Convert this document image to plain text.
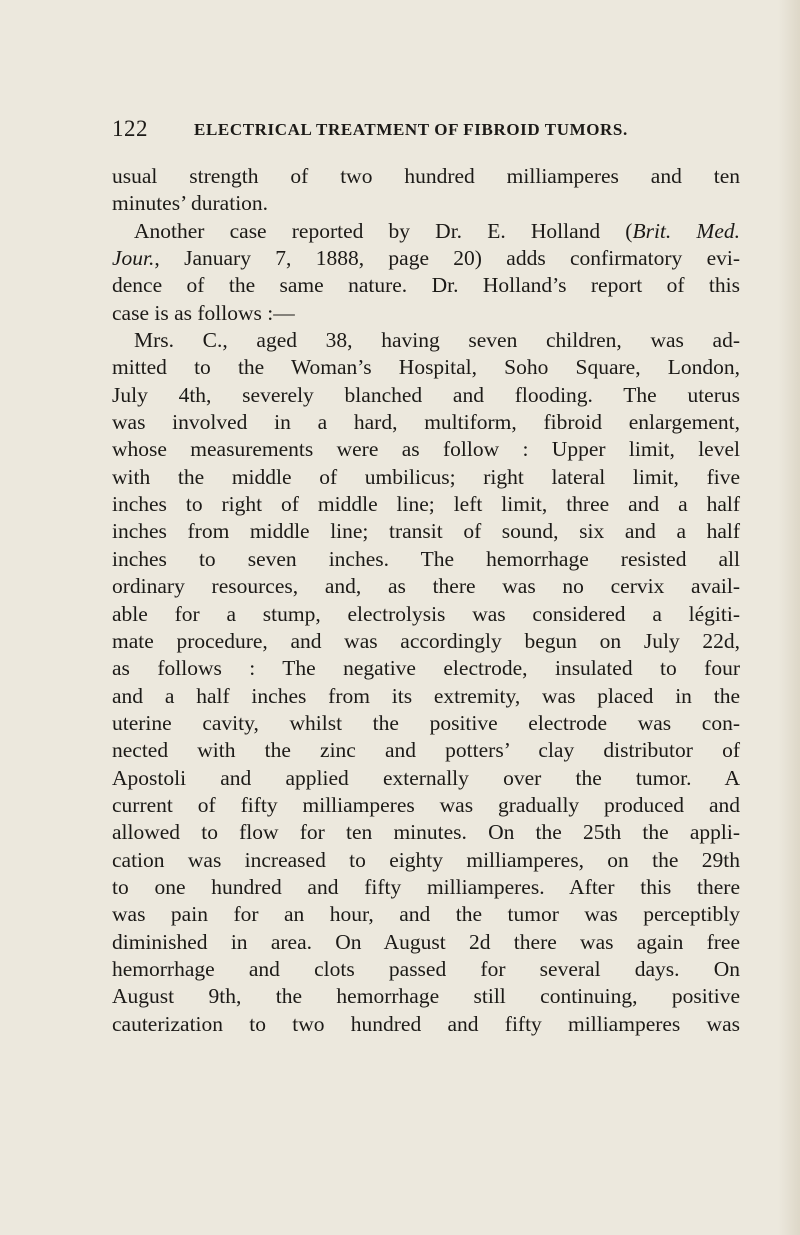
122	ELECTRICAL TREATMENT OF FIBROID TUMORS.
usual strength of two hundred milliamperes and ten
minutes’ duration.
Another case reported by Dr. E. Holland (Brit. Med.
Jour., January 7, 1888, page 20) adds confirmatory evi-
dence of the same nature. Dr. Holland’s report of this
case is as follows :—
Mrs. C., aged 38, having seven children, was ad-
mitted to the Woman’s Hospital, Soho Square, London,
July 4th, severely blanched and flooding. The uterus
was involved in a hard, multiform, fibroid enlargement,
whose measurements were as follow : Upper limit, level
with the middle of umbilicus; right lateral limit, five
inches to right of middle line; left limit, three and a half
inches from middle line; transit of sound, six and a half
inches to seven inches. The hemorrhage resisted all
ordinary resources, and, as there was no cervix avail-
able for a stump, electrolysis was considered a légiti-
mate procedure, and was accordingly begun on July 22d,
as follows : The negative electrode, insulated to four
and a half inches from its extremity, was placed in the
uterine cavity, whilst the positive electrode was con-
nected with the zinc and potters’ clay distributor of
Apostoli and applied externally over the tumor. A
current of fifty milliamperes was gradually produced and
allowed to flow for ten minutes. On the 25th the appli-
cation was increased to eighty milliamperes, on the 29th
to one hundred and fifty milliamperes. After this there
was pain for an hour, and the tumor was perceptibly
diminished in area. On August 2d there was again free
hemorrhage and clots passed for several days. On
August 9th, the hemorrhage still continuing, positive
cauterization to two hundred and fifty milliamperes was
